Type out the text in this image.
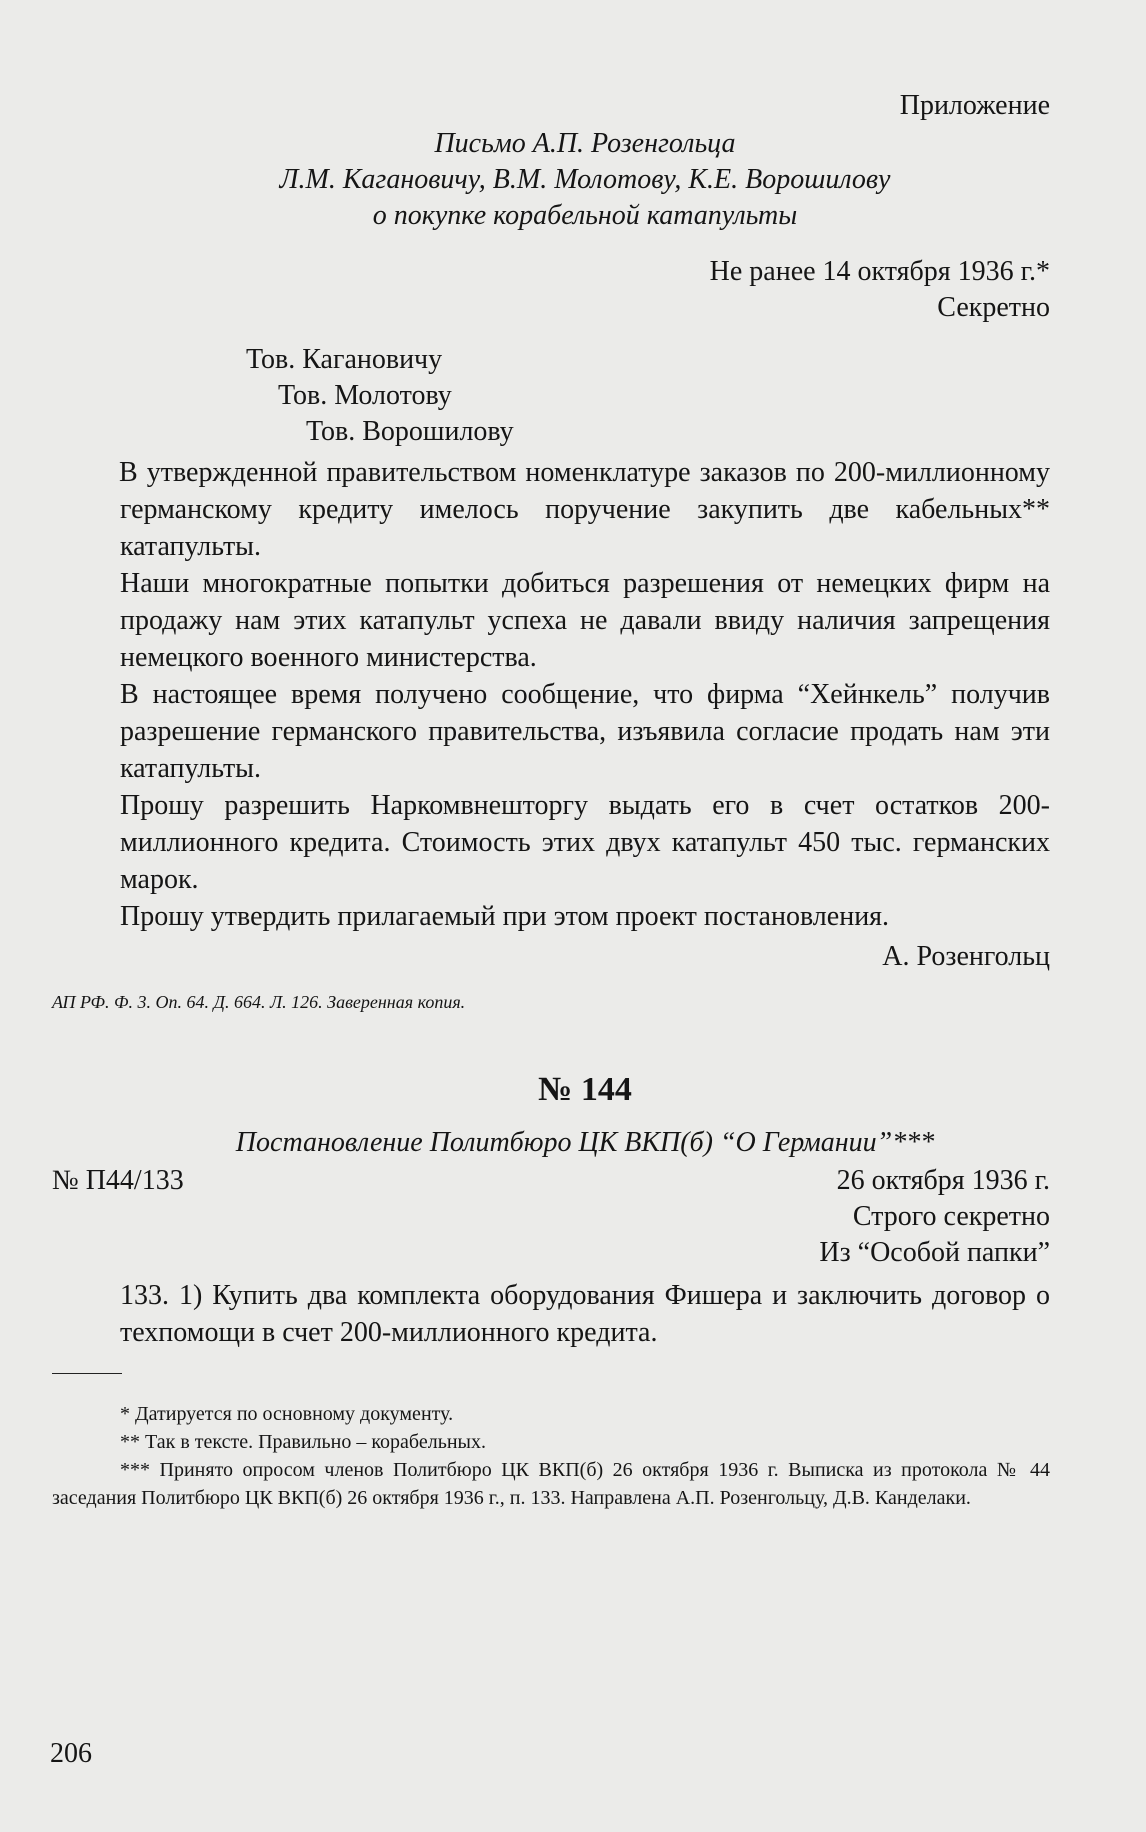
Приложение
Письмо А.П. Розенгольца
Л.М. Кагановичу, В.М. Молотову, К.Е. Ворошилову
о покупке корабельной катапульты
Не ранее 14 октября 1936 г.*
Секретно
Тов. Кагановичу
Тов. Молотову
Тов. Ворошилову
В утвержденной правительством номенклатуре заказов по 200-миллионному германскому кредиту имелось поручение закупить две кабельных** катапульты.
Наши многократные попытки добиться разрешения от немецких фирм на продажу нам этих катапульт успеха не давали ввиду наличия запрещения немецкого военного министерства.
В настоящее время получено сообщение, что фирма “Хейнкель” получив разрешение германского правительства, изъявила согласие продать нам эти катапульты.
Прошу разрешить Наркомвнешторгу выдать его в счет остатков 200-миллионного кредита. Стоимость этих двух катапульт 450 тыс. германских марок.
Прошу утвердить прилагаемый при этом проект постановления.
А. Розенгольц
АП РФ. Ф. 3. Оп. 64. Д. 664. Л. 126. Заверенная копия.
№ 144
Постановление Политбюро ЦК ВКП(б) “О Германии”***
№ П44/133	26 октября 1936 г.
Строго секретно
Из “Особой папки”
133. 1) Купить два комплекта оборудования Фишера и заключить договор о техпомощи в счет 200-миллионного кредита.
* Датируется по основному документу.
** Так в тексте. Правильно – корабельных.
*** Принято опросом членов Политбюро ЦК ВКП(б) 26 октября 1936 г. Выписка из протокола № 44 заседания Политбюро ЦК ВКП(б) 26 октября 1936 г., п. 133. Направлена А.П. Розенгольцу, Д.В. Канделаки.
206
